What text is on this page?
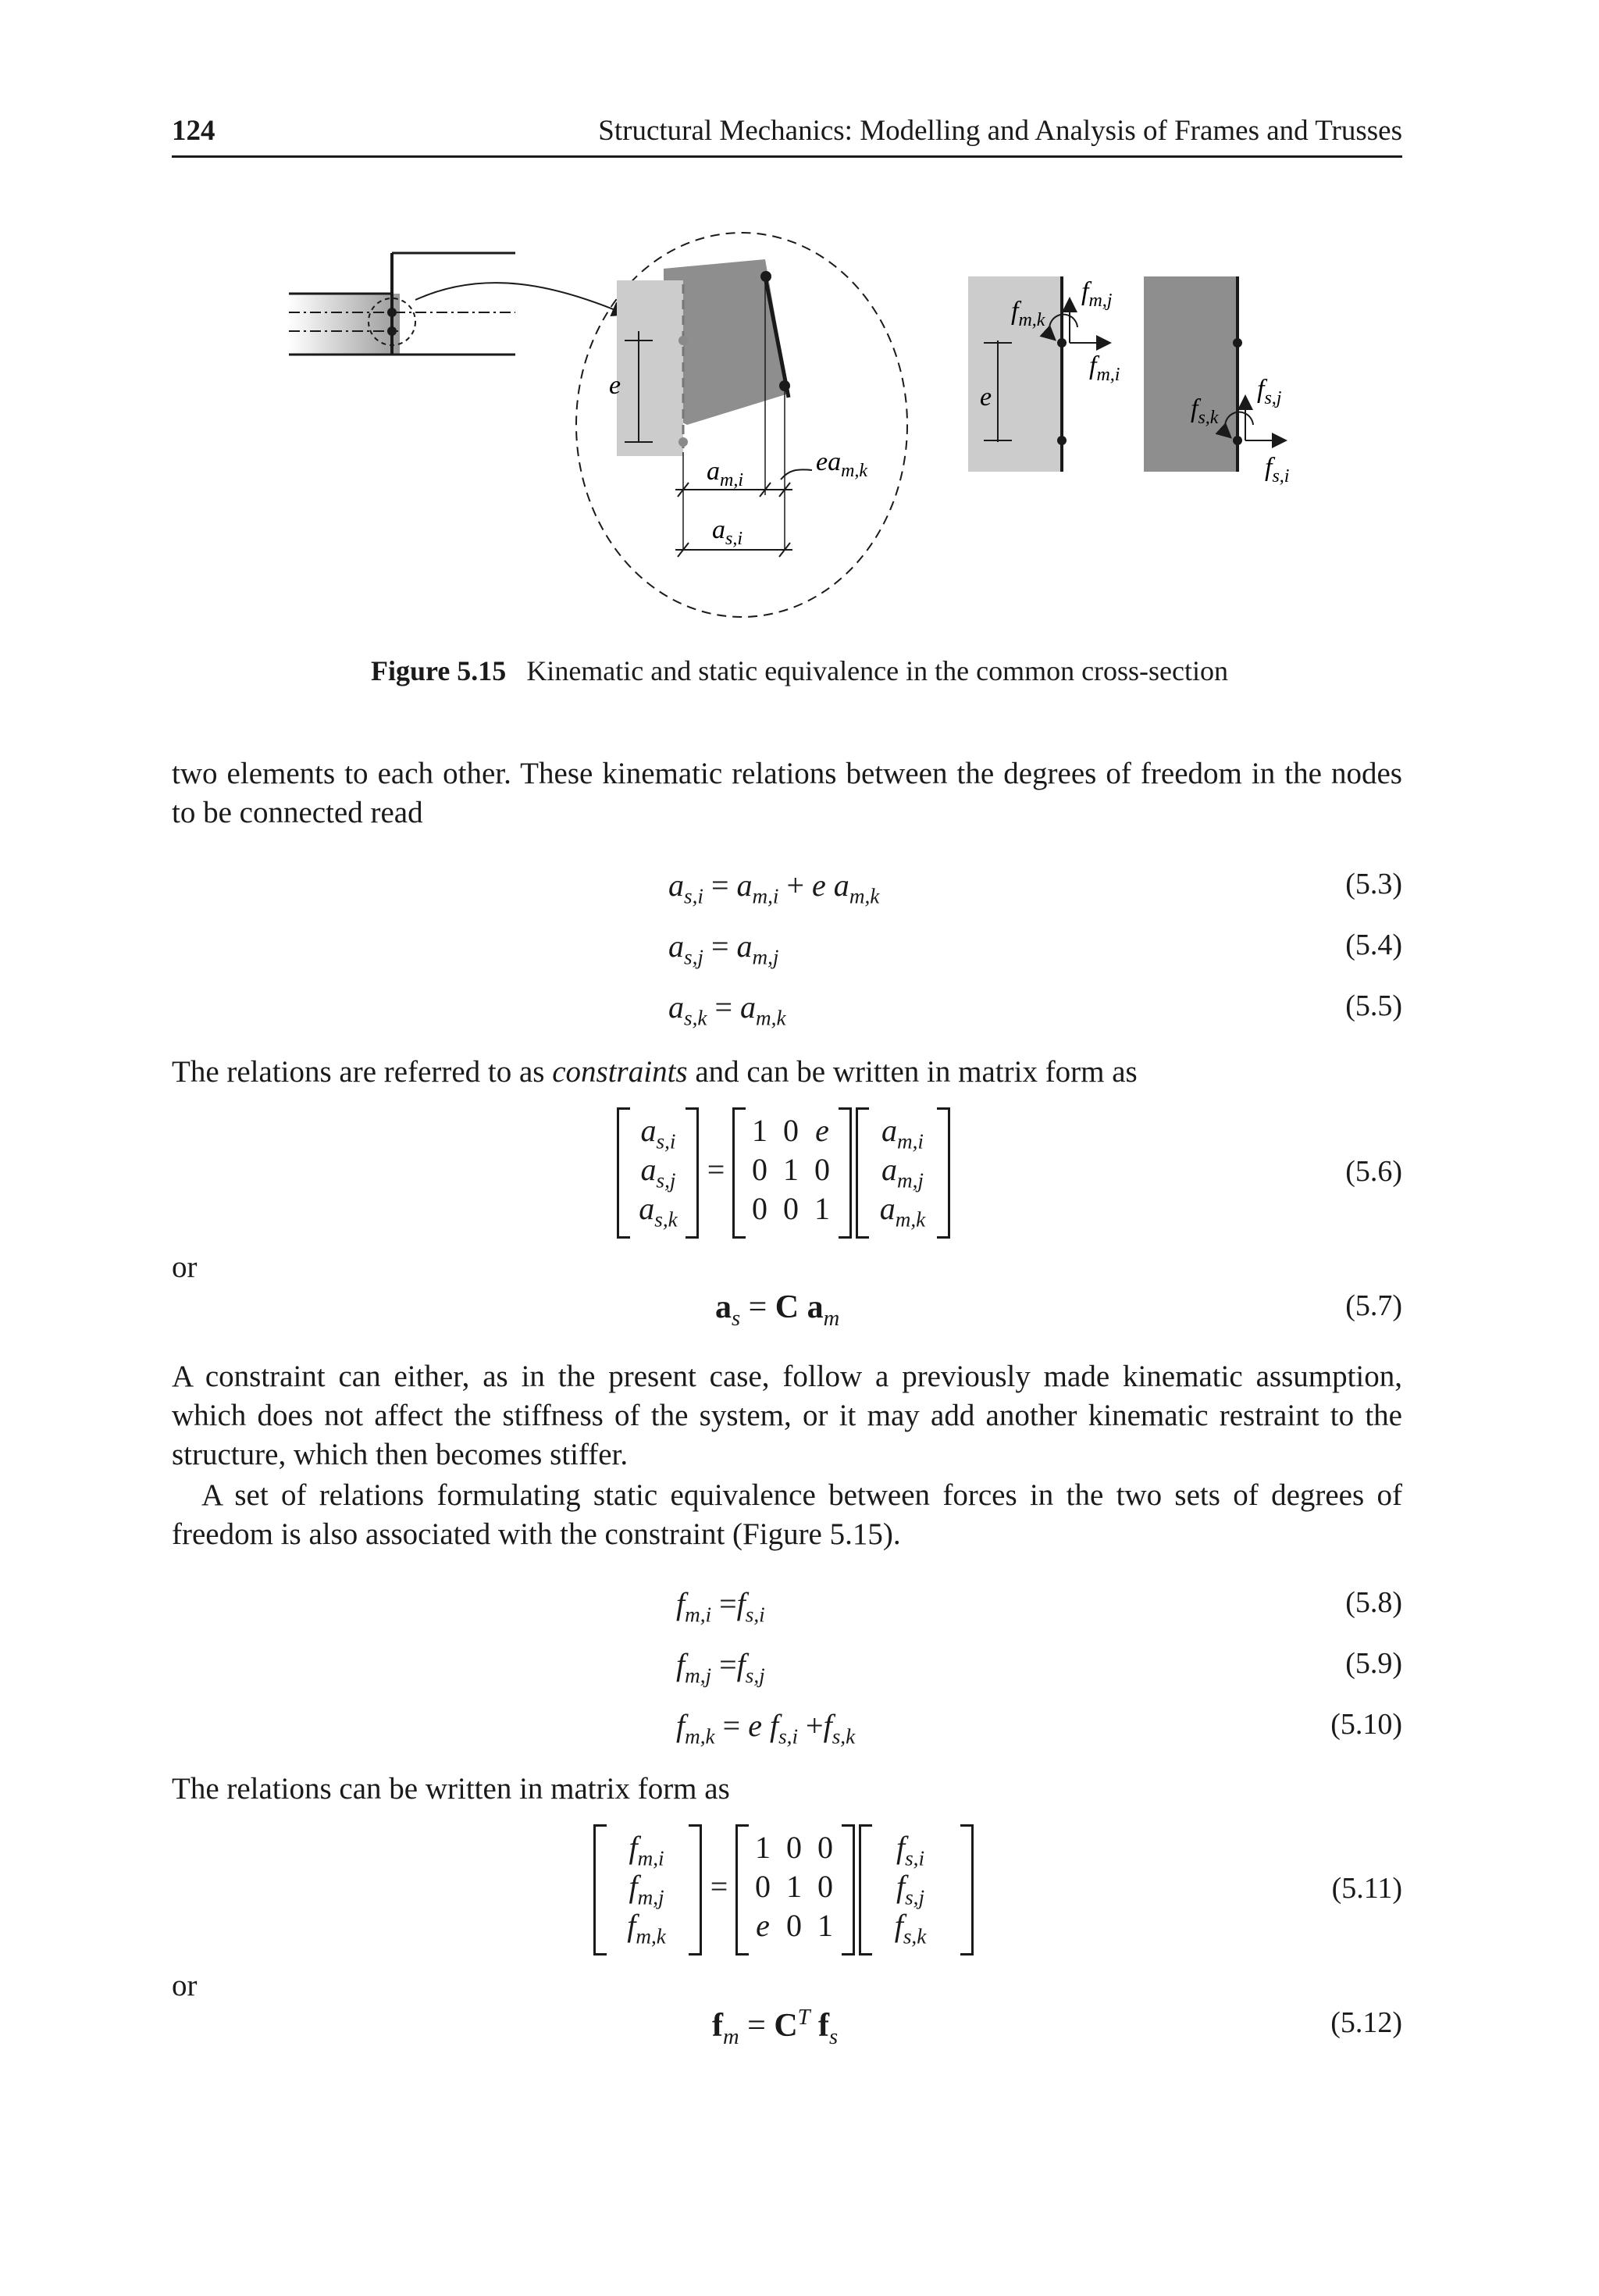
124	Structural Mechanics: Modelling and Analysis of Frames and Trusses
e
$a_{m,i}$
$ea_{m,k}$
$a_{s,i}$
e
$f_{m,j}$
$f_{m,k}$
$f_{m,i}$	$f_{s,j}$
$f_{s,k}$
$f_{s,i}$
Figure 5.15 Kinematic and static equivalence in the common cross-section
two elements to each other. These kinematic relations between the degrees of freedom in the nodes to be connected read
$a_{s,i} = a_{m,i} + e$ $a_{m,k}$	(5.3)
$a_{s,j} = a_{m,j}$	(5.4)
$a_{s,k} = a_{m,k}$	(5.5)
The relations are referred to as constraints and can be written in matrix form as
$a_{s,i}$
$a_{s,j}$
$a_{s,k}$
=
1 0 e
0 1 0
0 0 1
$a_{m,i}$
$a_{m,j}$
$a_{m,k}$
(5.6)
or
$a_s = C$ $a_m$	(5.7)
A constraint can either, as in the present case, follow a previously made kinematic assumption, which does not affect the stiffness of the system, or it may add another kinematic restraint to the structure, which then becomes stiffer.
A set of relations formulating static equivalence between forces in the two sets of degrees of freedom is also associated with the constraint (Figure 5.15).
$f_{m,i} =f_{s,i}$	(5.8)
$f_{m,j} =f_{s,j}$	(5.9)
$f_{m,k} = e$ $f_{s,i} +f_{s,k}$	(5.10)
The relations can be written in matrix form as
$f_{m,i}$
$f_{m,j}$
$f_{m,k}$
=
1 0 0
0 1 0
e 0 1
$f_{s,i}$
$f_{s,j}$
$f_{s,k}$
(5.11)
or
$f_m = C^T$ $f_s$	(5.12)
